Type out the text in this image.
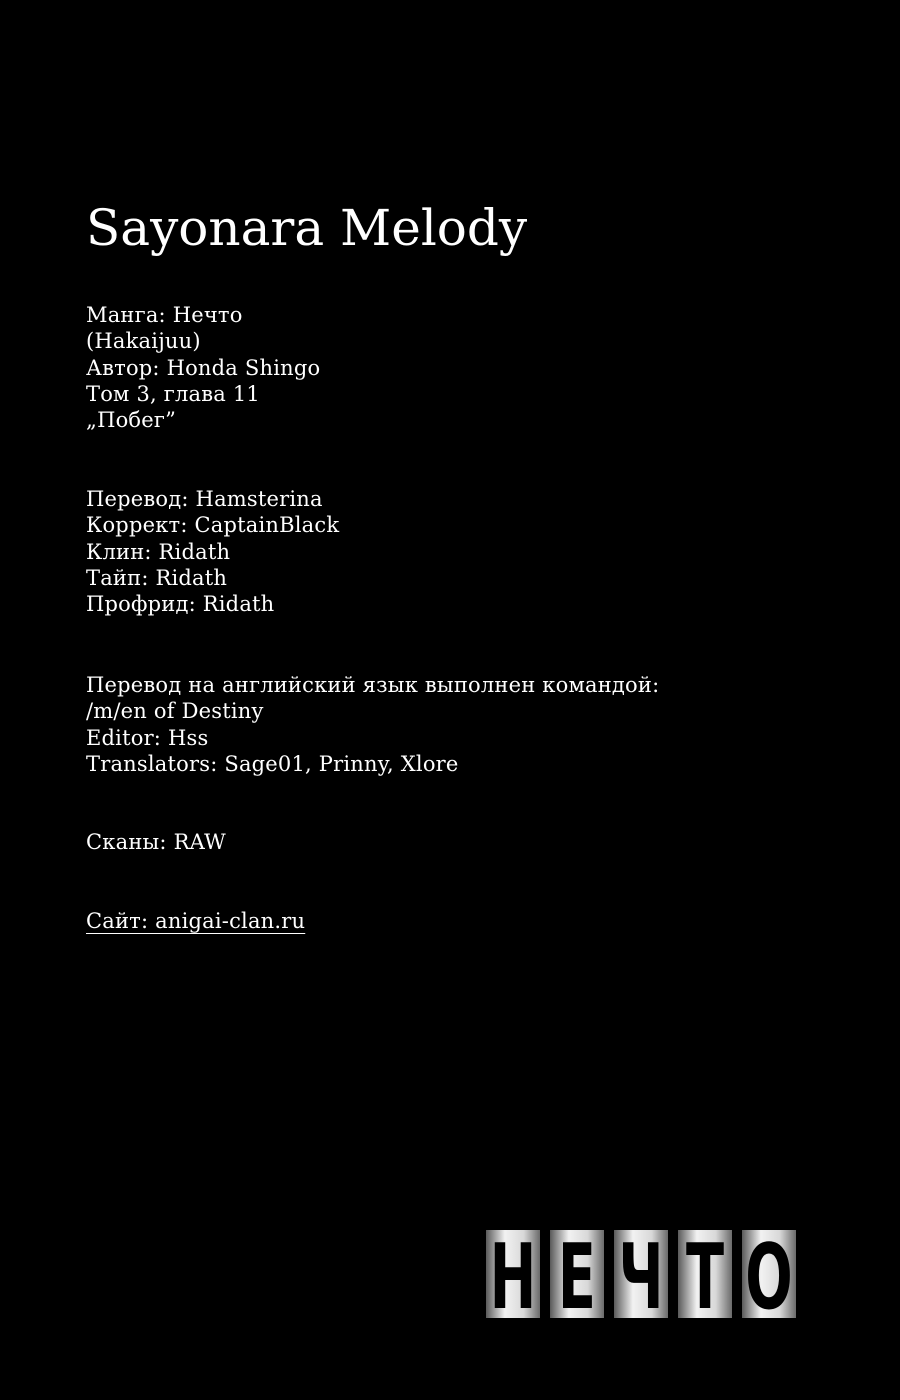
Sayonara Melody
Манга: Нечто
(Hakaijuu)
Автор: Honda Shingo
Том 3, глава 11
„Побег”
Перевод: Hamsterina
Коррект: CaptainBlack
Клин: Ridath
Тайп: Ridath
Профрид: Ridath
Перевод на английский язык выполнен командой:
/m/en of Destiny
Editor: Hss
Translators: Sage01, Prinny, Xlore
Сканы: RAW
Сайт: anigai-clan.ru
Н Е Ч Т О
